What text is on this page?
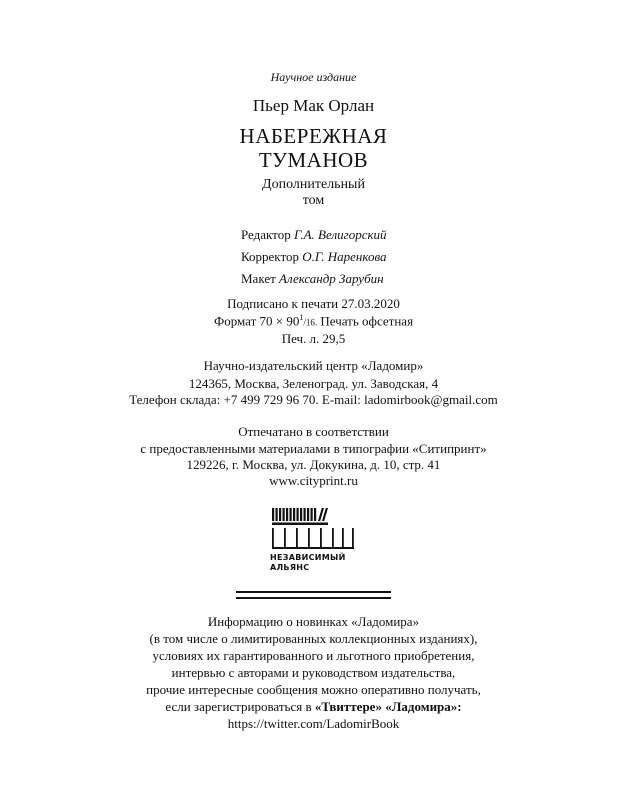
Научное издание
Пьер Мак Орлан
НАБЕРЕЖНАЯ
ТУМАНОВ
Дополнительный
том
Редактор Г.А. Велигорский
Корректор О.Г. Наренкова
Макет Александр Зарубин
Подписано к печати 27.03.2020
Формат $70 \times 90^1/16$. Печать офсетная
Печ. л. 29,5
Научно-издательский центр «Ладомир»
124365, Москва, Зеленоград. ул. Заводская, 4
Телефон склада: +7 499 729 96 70. E-mail: ladomirbook@gmail.com
Отпечатано в соответствии
с предоставленными материалами в типографии «Ситипринт»
129226, г. Москва, ул. Докукина, д. 10, стр. 41
www.cityprint.ru
НЕЗАВИСИМЫЙ
АЛЬЯНС
Информацию о новинках «Ладомира»
(в том числе о лимитированных коллекционных изданиях),
условиях их гарантированного и льготного приобретения,
интервью с авторами и руководством издательства,
прочие интересные сообщения можно оперативно получать,
если зарегистрироваться в «Твиттере» «Ладомира»:
https://twitter.com/LadomirBook
